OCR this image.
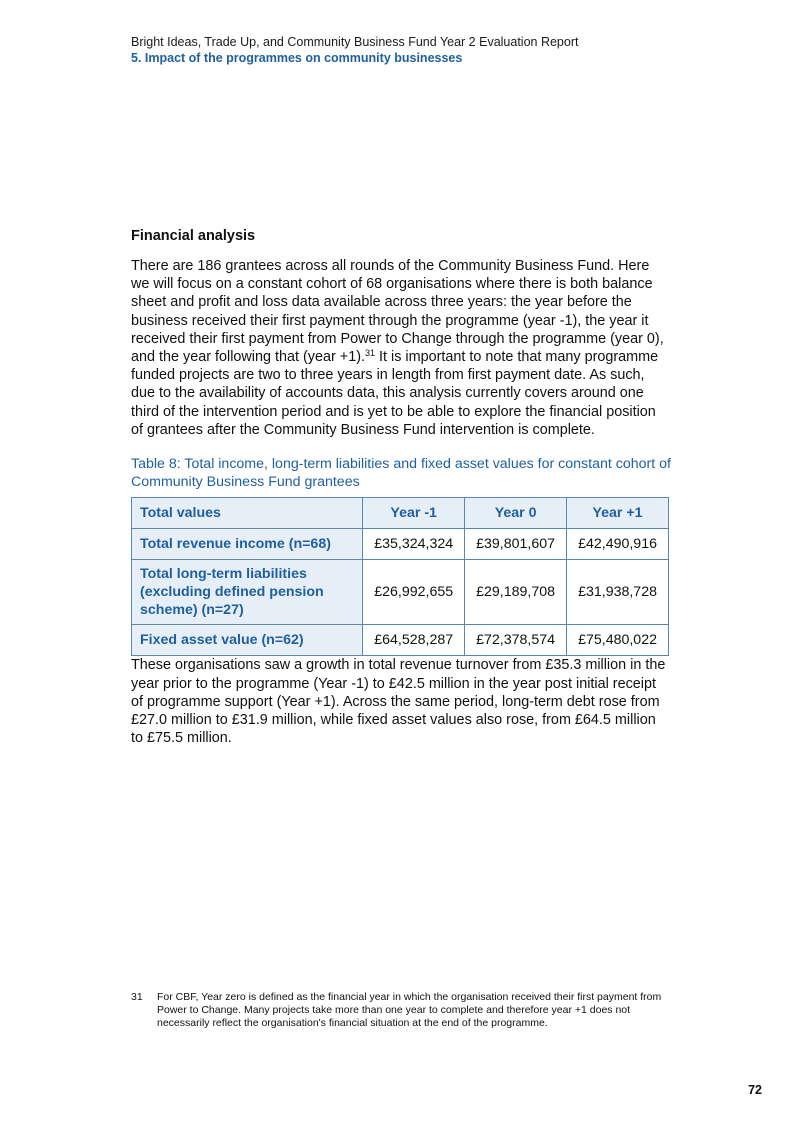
Bright Ideas, Trade Up, and Community Business Fund Year 2 Evaluation Report
5. Impact of the programmes on community businesses
Financial analysis

There are 186 grantees across all rounds of the Community Business Fund. Here we will focus on a constant cohort of 68 organisations where there is both balance sheet and profit and loss data available across three years: the year before the business received their first payment through the programme (year -1), the year it received their first payment from Power to Change through the programme (year 0), and the year following that (year +1).$^{31}$ It is important to note that many programme funded projects are two to three years in length from first payment date. As such, due to the availability of accounts data, this analysis currently covers around one third of the intervention period and is yet to be able to explore the financial position of grantees after the Community Business Fund intervention is complete.

Table 8: Total income, long-term liabilities and fixed asset values for constant cohort of Community Business Fund grantees
Total values	Year -1	Year 0	Year +1
Total revenue income (n=68)	£35,324,324	£39,801,607	£42,490,916
Total long-term liabilities (excluding defined pension scheme) (n=27)	£26,992,655	£29,189,708	£31,938,728
Fixed asset value (n=62)	£64,528,287	£72,378,574	£75,480,022

These organisations saw a growth in total revenue turnover from £35.3 million in the year prior to the programme (Year -1) to £42.5 million in the year post initial receipt of programme support (Year +1). Across the same period, long-term debt rose from £27.0 million to £31.9 million, while fixed asset values also rose, from £64.5 million to £75.5 million.

31 For CBF, Year zero is defined as the financial year in which the organisation received their first payment from Power to Change. Many projects take more than one year to complete and therefore year +1 does not necessarily reflect the organisation's financial situation at the end of the programme.
72
